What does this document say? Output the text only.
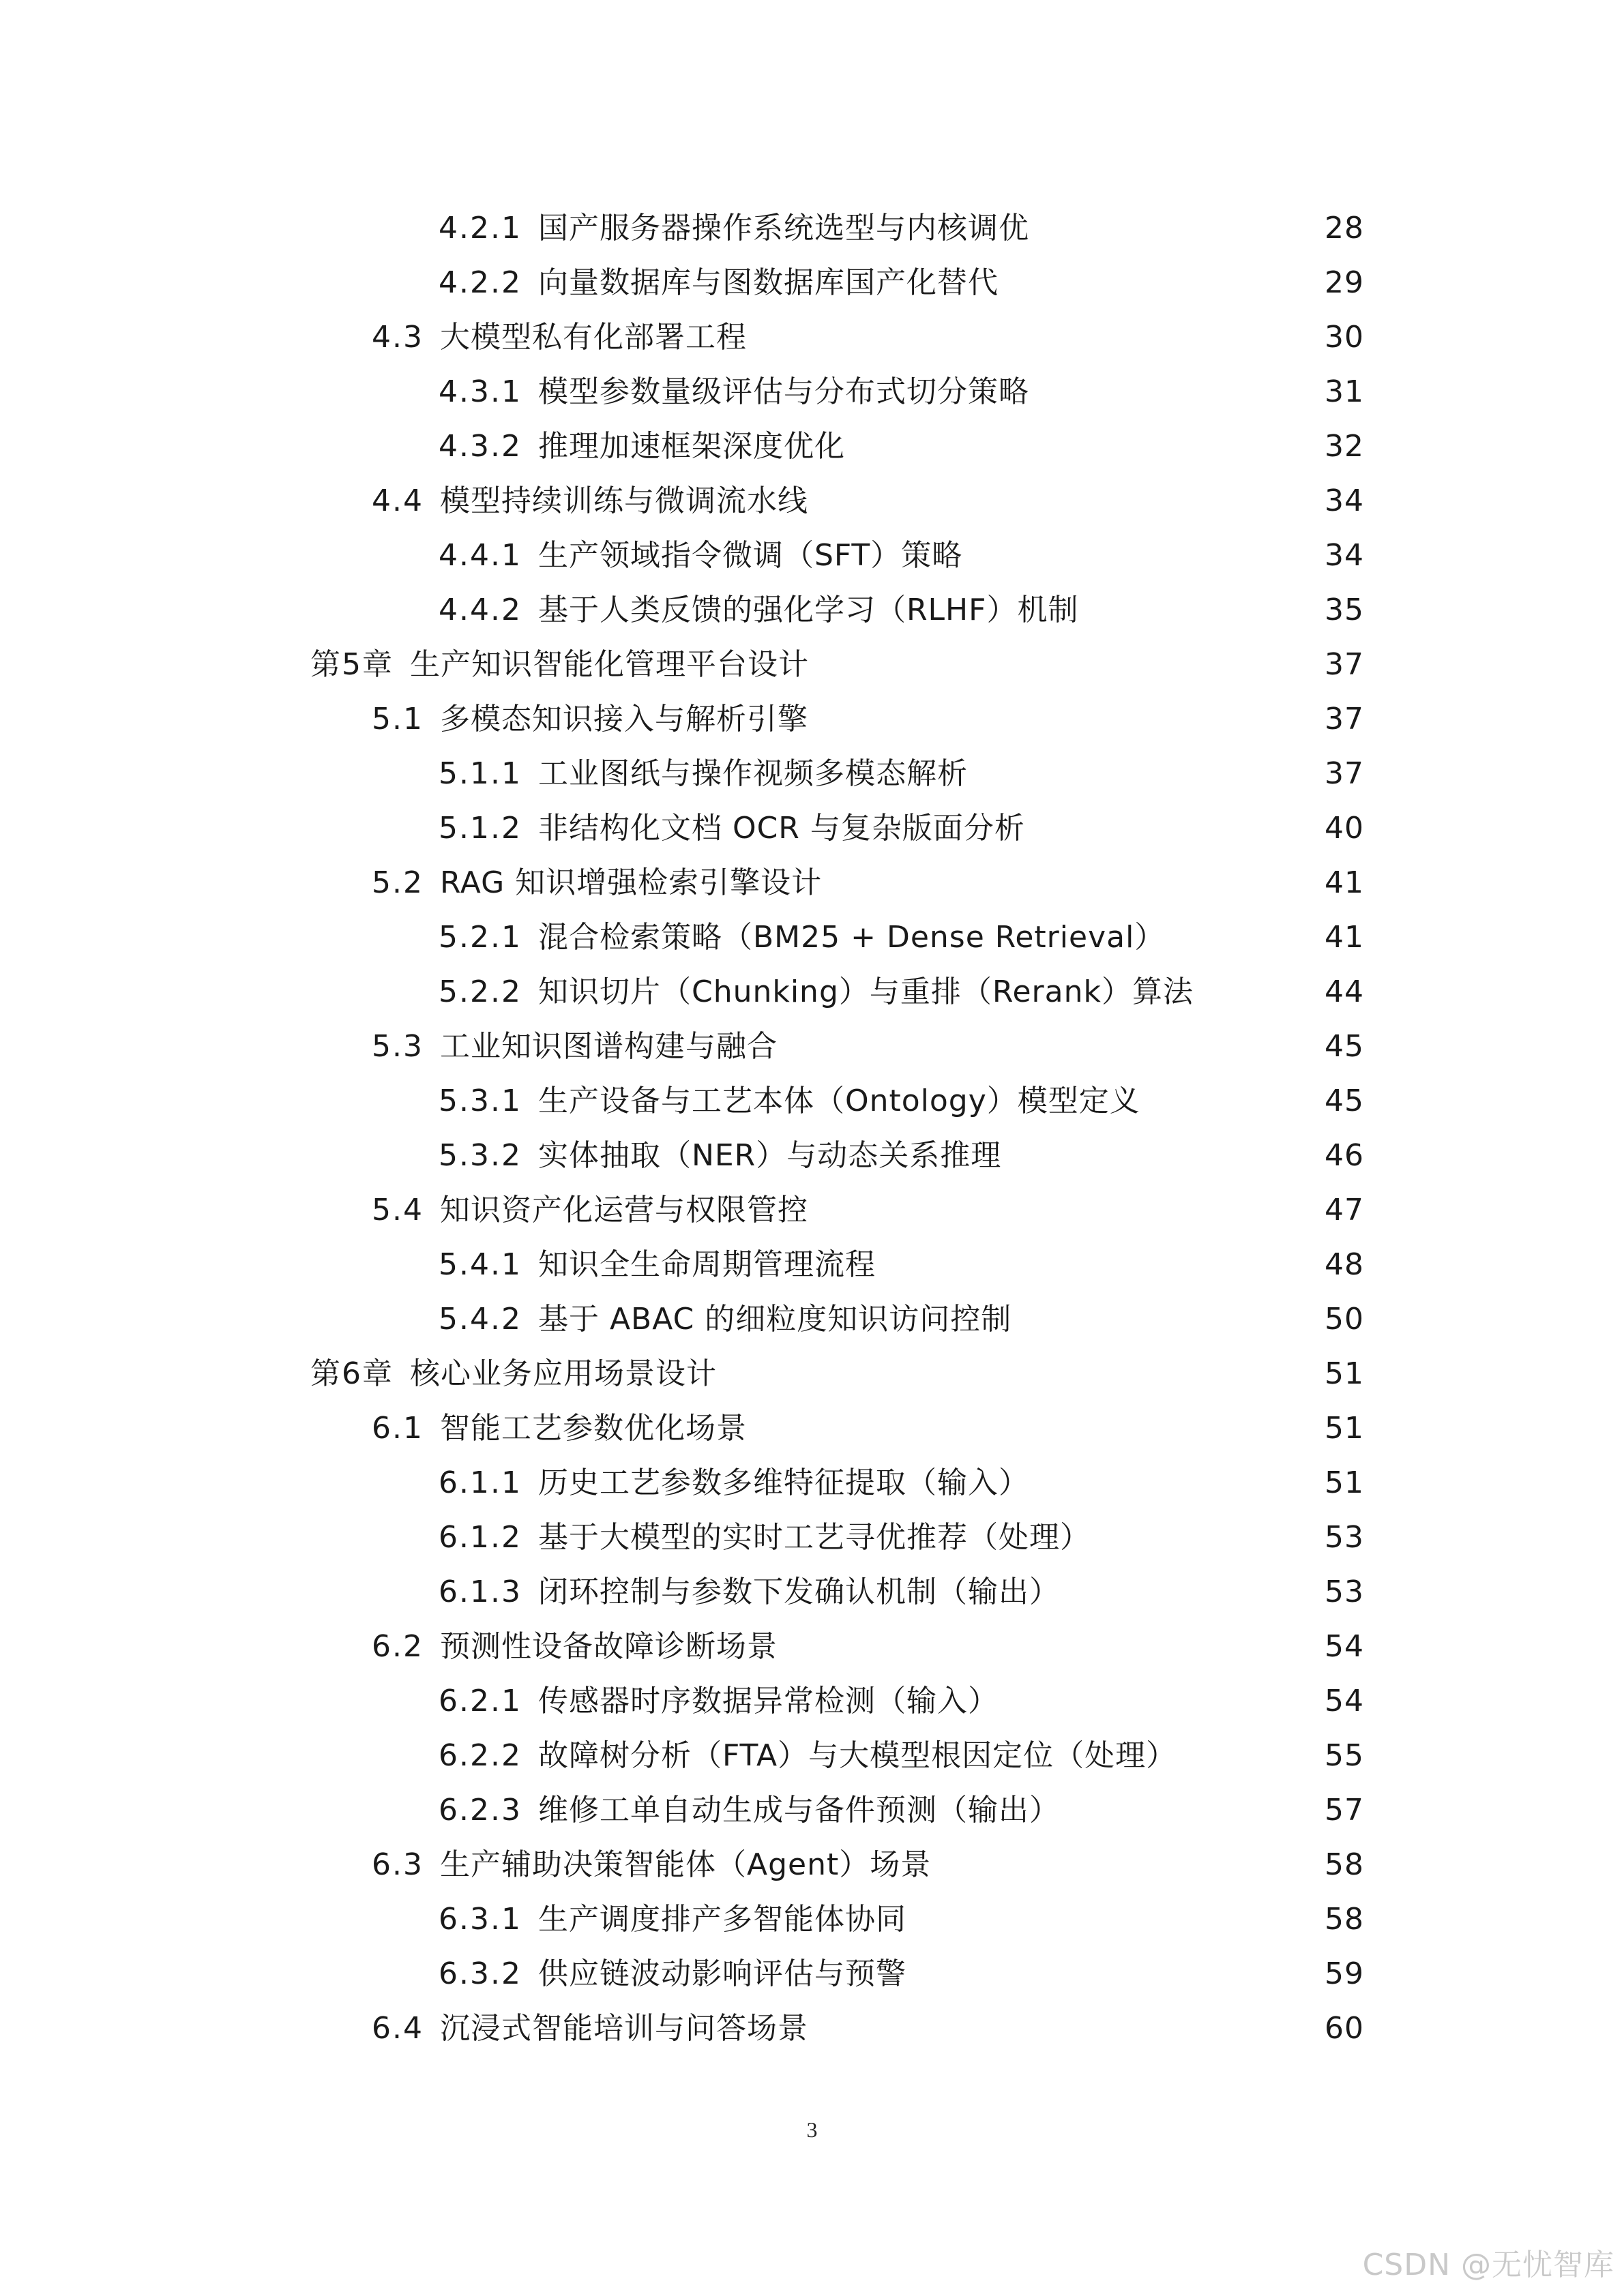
4.2.1 国产服务器操作系统选型与内核调优	28
4.2.2 向量数据库与图数据库国产化替代	29
4.3 大模型私有化部署工程	30
4.3.1 模型参数量级评估与分布式切分策略	31
4.3.2 推理加速框架深度优化	32
4.4 模型持续训练与微调流水线	34
4.4.1 生产领域指令微调（SFT）策略	34
4.4.2 基于人类反馈的强化学习（RLHF）机制	35
第5章 生产知识智能化管理平台设计	37
5.1 多模态知识接入与解析引擎	37
5.1.1 工业图纸与操作视频多模态解析	37
5.1.2 非结构化文档 OCR 与复杂版面分析	40
5.2 RAG 知识增强检索引擎设计	41
5.2.1 混合检索策略（BM25 + Dense Retrieval）	41
5.2.2 知识切片（Chunking）与重排（Rerank）算法	44
5.3 工业知识图谱构建与融合	45
5.3.1 生产设备与工艺本体（Ontology）模型定义	45
5.3.2 实体抽取（NER）与动态关系推理	46
5.4 知识资产化运营与权限管控	47
5.4.1 知识全生命周期管理流程	48
5.4.2 基于 ABAC 的细粒度知识访问控制	50
第6章 核心业务应用场景设计	51
6.1 智能工艺参数优化场景	51
6.1.1 历史工艺参数多维特征提取（输入）	51
6.1.2 基于大模型的实时工艺寻优推荐（处理）	53
6.1.3 闭环控制与参数下发确认机制（输出）	53
6.2 预测性设备故障诊断场景	54
6.2.1 传感器时序数据异常检测（输入）	54
6.2.2 故障树分析（FTA）与大模型根因定位（处理）	55
6.2.3 维修工单自动生成与备件预测（输出）	57
6.3 生产辅助决策智能体（Agent）场景	58
6.3.1 生产调度排产多智能体协同	58
6.3.2 供应链波动影响评估与预警	59
6.4 沉浸式智能培训与问答场景	60
3
CSDN @无忧智库
